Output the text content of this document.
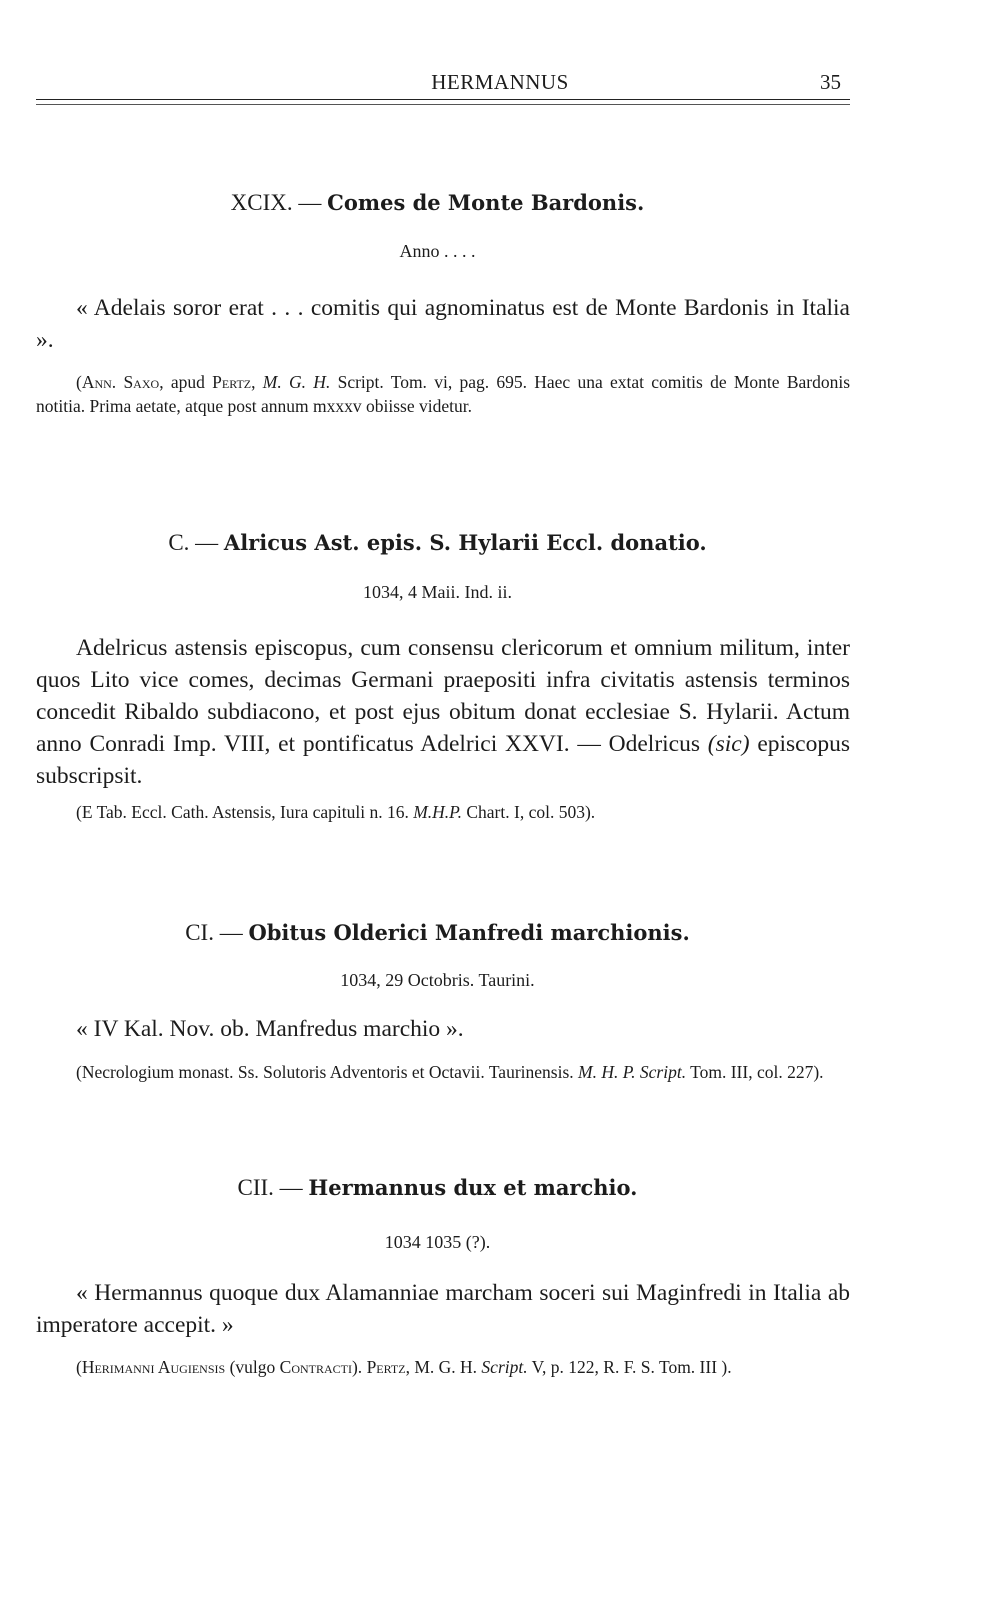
HERMANNUS	35
XCIX. — Comes de Monte Bardonis.
Anno . . . .
« Adelais soror erat . . . comitis qui agnominatus est de Monte Bardonis in Italia ».
(Ann. Saxo, apud Pertz, M. G. H. Script. Tom. vi, pag. 695. Haec una extat comitis de Monte Bardonis notitia. Prima aetate, atque post annum mxxxv obiisse videtur.
C. — Alricus Ast. epis. S. Hylarii Eccl. donatio.
1034, 4 Maii. Ind. ii.
Adelricus astensis episcopus, cum consensu clericorum et omnium militum, inter quos Lito vice comes, decimas Germani praepositi infra civitatis astensis terminos concedit Ribaldo subdiacono, et post ejus obitum donat ecclesiae S. Hylarii. Actum anno Conradi Imp. VIII, et pontificatus Adelrici XXVI. — Odelricus (sic) episcopus subscripsit.
(E Tab. Eccl. Cath. Astensis, Iura capituli n. 16. M.H.P. Chart. I, col. 503).
CI. — Obitus Olderici Manfredi marchionis.
1034, 29 Octobris. Taurini.
« IV Kal. Nov. ob. Manfredus marchio ».
(Necrologium monast. Ss. Solutoris Adventoris et Octavii. Taurinensis. M. H. P. Script. Tom. III, col. 227).
CII. — Hermannus dux et marchio.
1034 1035 (?).
« Hermannus quoque dux Alamanniae marcham soceri sui Maginfredi in Italia ab imperatore accepit. »
(Herimanni Augiensis (vulgo Contracti). Pertz, M. G. H. Script. V, p. 122, R. F. S. Tom. III ).
